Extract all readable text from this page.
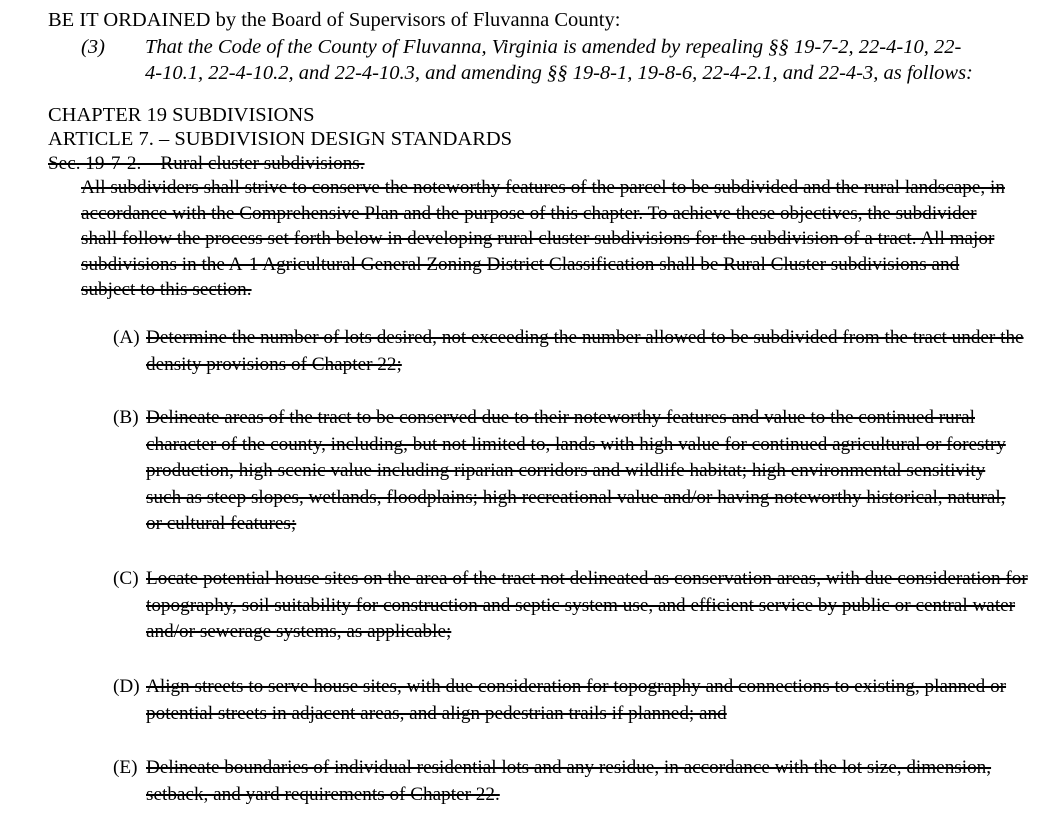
BE IT ORDAINED by the Board of Supervisors of Fluvanna County:
(3) That the Code of the County of Fluvanna, Virginia is amended by repealing §§ 19-7-2, 22-4-10, 22-
4-10.1, 22-4-10.2, and 22-4-10.3, and amending §§ 19-8-1, 19-8-6, 22-4-2.1, and 22-4-3, as follows:
CHAPTER 19 SUBDIVISIONS
ARTICLE 7. – SUBDIVISION DESIGN STANDARDS
Sec. 19-7-2. – Rural cluster subdivisions.
All subdividers shall strive to conserve the noteworthy features of the parcel to be subdivided and the rural landscape, in accordance with the Comprehensive Plan and the purpose of this chapter. To achieve these objectives, the subdivider shall follow the process set forth below in developing rural cluster subdivisions for the subdivision of a tract. All major subdivisions in the A-1 Agricultural General Zoning District Classification shall be Rural Cluster subdivisions and subject to this section.
(A) Determine the number of lots desired, not exceeding the number allowed to be subdivided from the tract under the density provisions of Chapter 22;
(B) Delineate areas of the tract to be conserved due to their noteworthy features and value to the continued rural character of the county, including, but not limited to, lands with high value for continued agricultural or forestry production, high scenic value including riparian corridors and wildlife habitat; high environmental sensitivity such as steep slopes, wetlands, floodplains; high recreational value and/or having noteworthy historical, natural, or cultural features;
(C) Locate potential house sites on the area of the tract not delineated as conservation areas, with due consideration for topography, soil suitability for construction and septic system use, and efficient service by public or central water and/or sewerage systems, as applicable;
(D) Align streets to serve house sites, with due consideration for topography and connections to existing, planned or potential streets in adjacent areas, and align pedestrian trails if planned; and
(E) Delineate boundaries of individual residential lots and any residue, in accordance with the lot size, dimension, setback, and yard requirements of Chapter 22.
